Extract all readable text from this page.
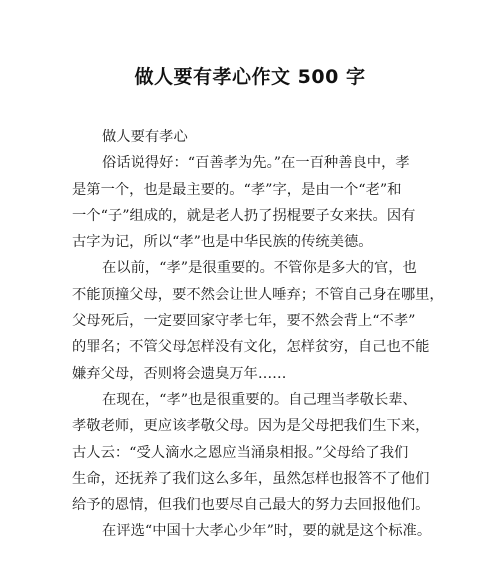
做人要有孝心作文 500 字
做人要有孝心
俗话说得好：“百善孝为先。”在一百种善良中，孝
是第一个，也是最主要的。“孝”字，是由一个“老”和
一个“子”组成的，就是老人扔了拐棍要子女来扶。因有
古字为记，所以“孝”也是中华民族的传统美德。
在以前，“孝”是很重要的。不管你是多大的官，也
不能顶撞父母，要不然会让世人唾弃；不管自己身在哪里，
父母死后，一定要回家守孝七年，要不然会背上“不孝”
的罪名；不管父母怎样没有文化，怎样贫穷，自己也不能
嫌弃父母，否则将会遗臭万年……
在现在，“孝”也是很重要的。自己理当孝敬长辈、
孝敬老师，更应该孝敬父母。因为是父母把我们生下来，
古人云：“受人滴水之恩应当涌泉相报。”父母给了我们
生命，还抚养了我们这么多年，虽然怎样也报答不了他们
给予的恩情，但我们也要尽自己最大的努力去回报他们。
在评选“中国十大孝心少年”时，要的就是这个标准。
